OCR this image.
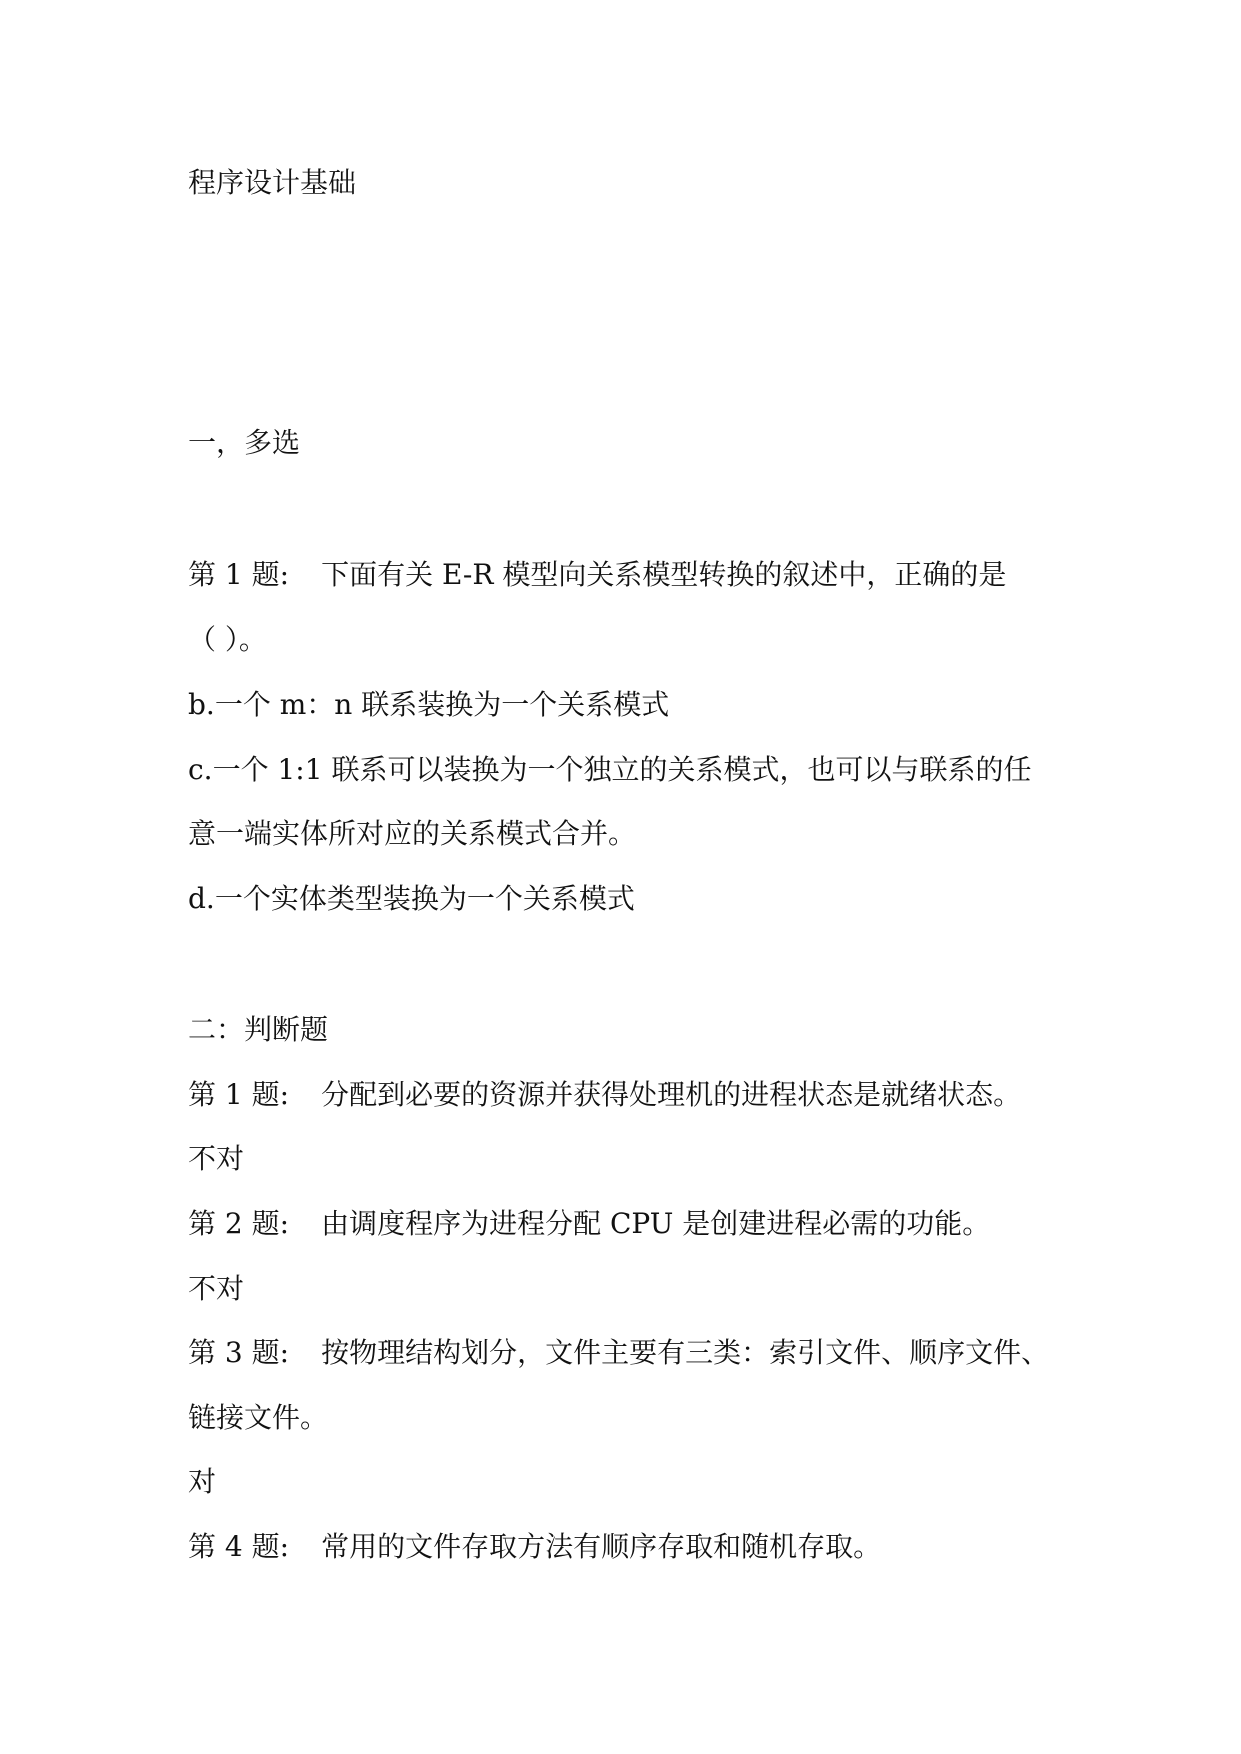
程序设计基础
一，多选
第 1 题: 下面有关 E-R 模型向关系模型转换的叙述中，正确的是
（ ）。
b.一个 m：n 联系装换为一个关系模式
c.一个 1:1 联系可以装换为一个独立的关系模式，也可以与联系的任
意一端实体所对应的关系模式合并。
d.一个实体类型装换为一个关系模式
二：判断题
第 1 题: 分配到必要的资源并获得处理机的进程状态是就绪状态。
不对
第 2 题: 由调度程序为进程分配 CPU 是创建进程必需的功能。
不对
第 3 题: 按物理结构划分，文件主要有三类：索引文件、顺序文件、
链接文件。
对
第 4 题: 常用的文件存取方法有顺序存取和随机存取。
